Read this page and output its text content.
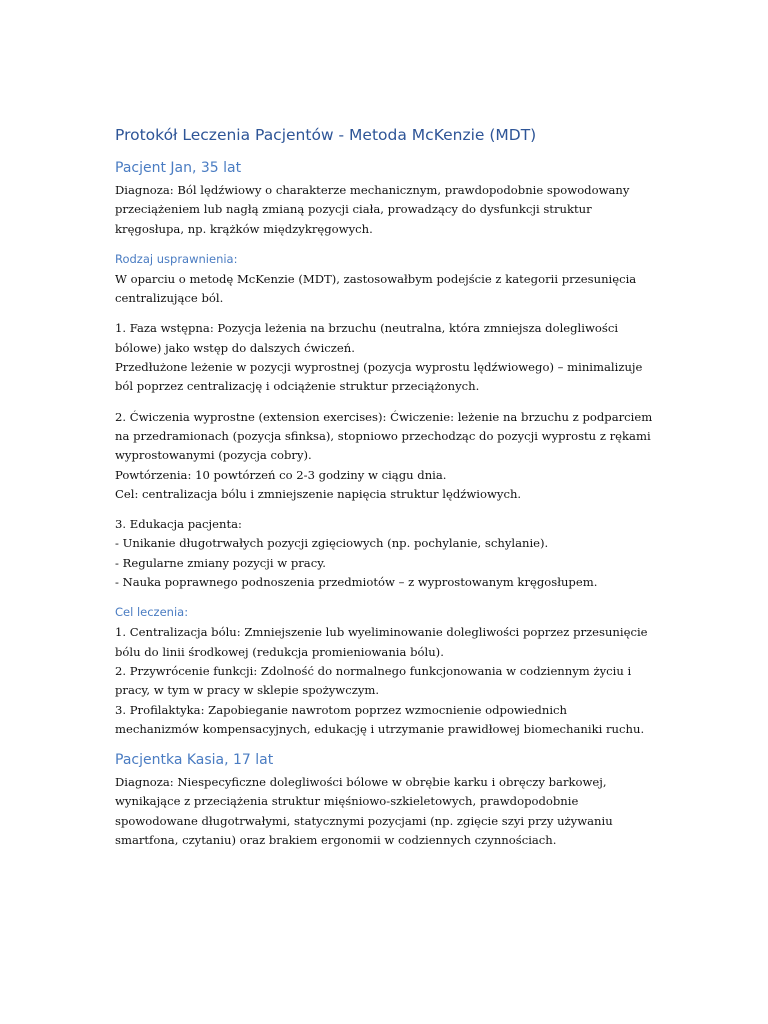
Protokół Leczenia Pacjentów - Metoda McKenzie (MDT)
Pacjent Jan, 35 lat
Diagnoza: Ból lędźwiowy o charakterze mechanicznym, prawdopodobnie spowodowany
przeciążeniem lub nagłą zmianą pozycji ciała, prowadzący do dysfunkcji struktur
kręgosłupa, np. krążków międzykręgowych.
Rodzaj usprawnienia:
W oparciu o metodę McKenzie (MDT), zastosowałbym podejście z kategorii przesunięcia
centralizujące ból.
1. Faza wstępna: Pozycja leżenia na brzuchu (neutralna, która zmniejsza dolegliwości
bólowe) jako wstęp do dalszych ćwiczeń.
Przedłużone leżenie w pozycji wyprostnej (pozycja wyprostu lędźwiowego) – minimalizuje
ból poprzez centralizację i odciążenie struktur przeciążonych.
2. Ćwiczenia wyprostne (extension exercises): Ćwiczenie: leżenie na brzuchu z podparciem
na przedramionach (pozycja sfinksa), stopniowo przechodząc do pozycji wyprostu z rękami
wyprostowanymi (pozycja cobry).
Powtórzenia: 10 powtórzeń co 2-3 godziny w ciągu dnia.
Cel: centralizacja bólu i zmniejszenie napięcia struktur lędźwiowych.
3. Edukacja pacjenta:
- Unikanie długotrwałych pozycji zgięciowych (np. pochylanie, schylanie).
- Regularne zmiany pozycji w pracy.
- Nauka poprawnego podnoszenia przedmiotów – z wyprostowanym kręgosłupem.
Cel leczenia:
1. Centralizacja bólu: Zmniejszenie lub wyeliminowanie dolegliwości poprzez przesunięcie
bólu do linii środkowej (redukcja promieniowania bólu).
2. Przywrócenie funkcji: Zdolność do normalnego funkcjonowania w codziennym życiu i
pracy, w tym w pracy w sklepie spożywczym.
3. Profilaktyka: Zapobieganie nawrotom poprzez wzmocnienie odpowiednich
mechanizmów kompensacyjnych, edukację i utrzymanie prawidłowej biomechaniki ruchu.
Pacjentka Kasia, 17 lat
Diagnoza: Niespecyficzne dolegliwości bólowe w obrębie karku i obręczy barkowej,
wynikające z przeciążenia struktur mięśniowo-szkieletowych, prawdopodobnie
spowodowane długotrwałymi, statycznymi pozycjami (np. zgięcie szyi przy używaniu
smartfona, czytaniu) oraz brakiem ergonomii w codziennych czynnościach.
